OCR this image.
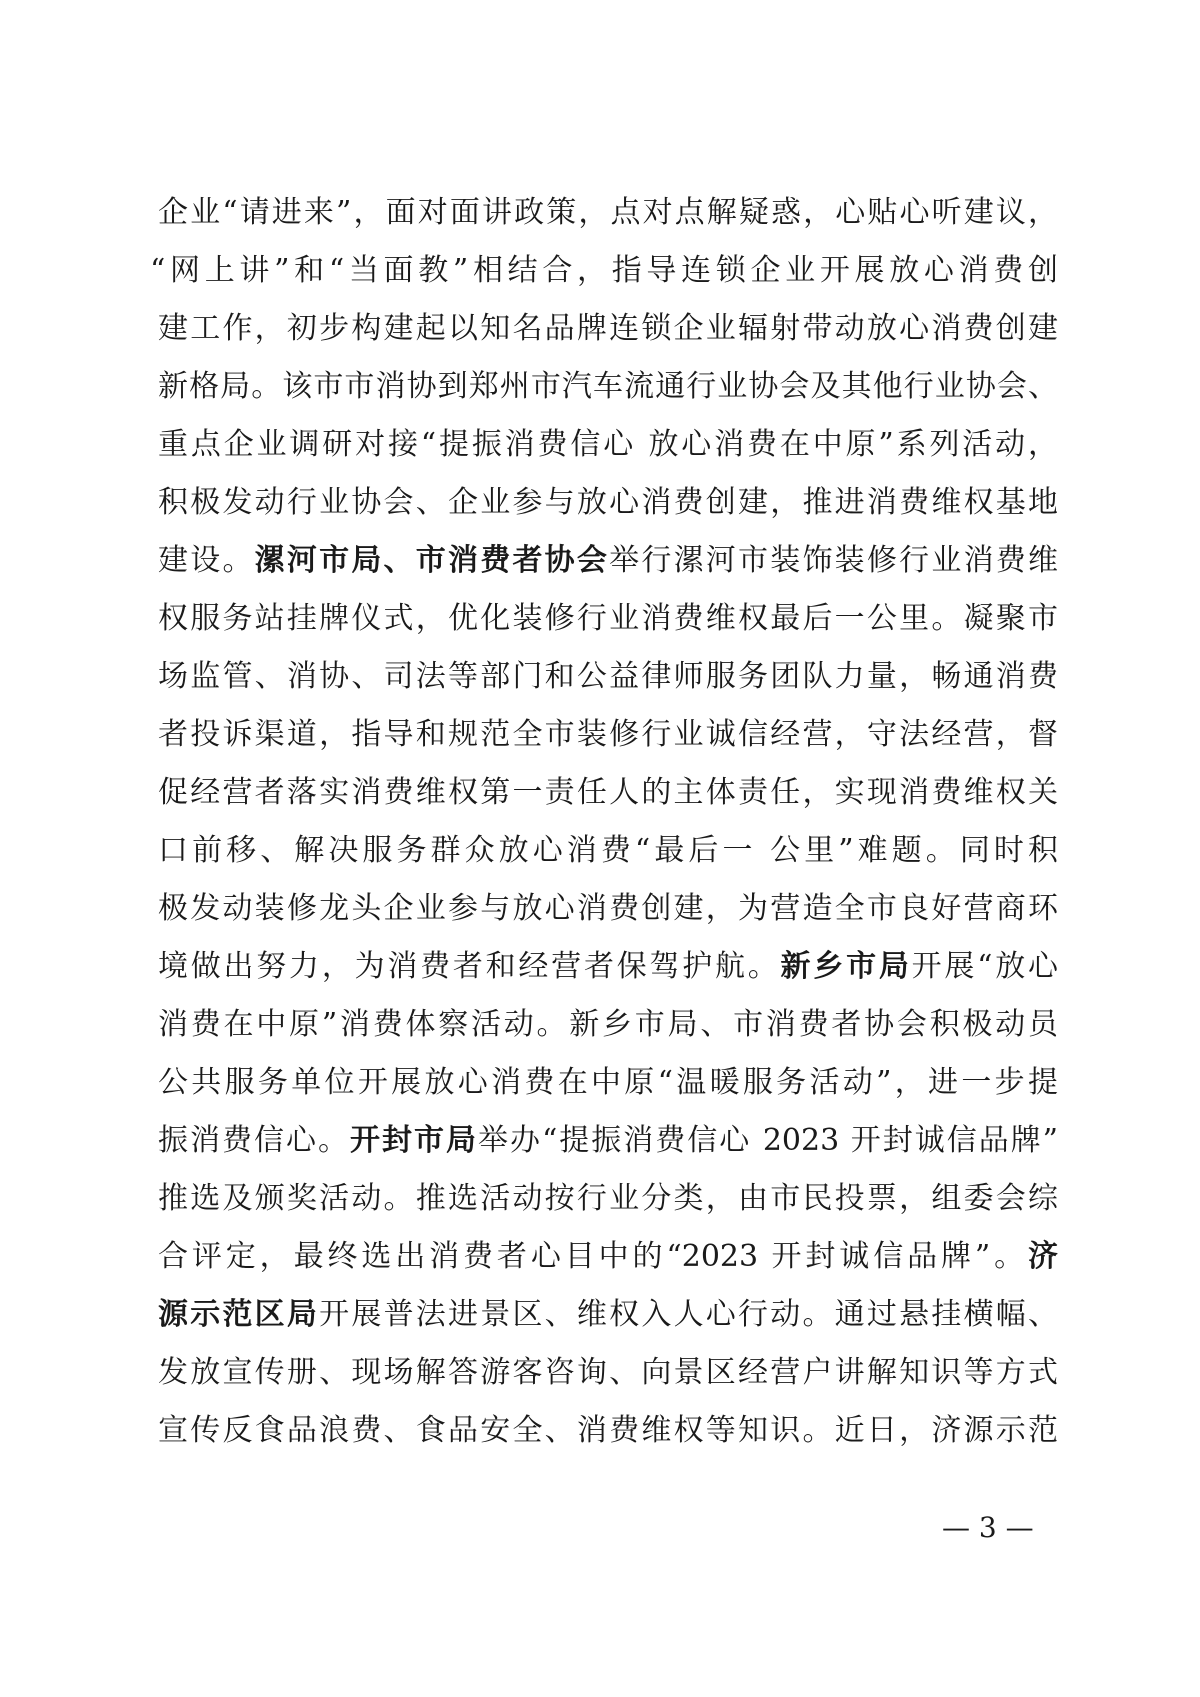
企业“请进来”，面对面讲政策，点对点解疑惑，心贴心听建议，
“网上讲”和“当面教”相结合，指导连锁企业开展放心消费创
建工作，初步构建起以知名品牌连锁企业辐射带动放心消费创建
新格局。该市市消协到郑州市汽车流通行业协会及其他行业协会、
重点企业调研对接“提振消费信心 放心消费在中原”系列活动，
积极发动行业协会、企业参与放心消费创建，推进消费维权基地
建设。漯河市局、市消费者协会举行漯河市装饰装修行业消费维
权服务站挂牌仪式，优化装修行业消费维权最后一公里。凝聚市
场监管、消协、司法等部门和公益律师服务团队力量，畅通消费
者投诉渠道，指导和规范全市装修行业诚信经营，守法经营，督
促经营者落实消费维权第一责任人的主体责任，实现消费维权关
口前移、解决服务群众放心消费“最后一 公里”难题。同时积
极发动装修龙头企业参与放心消费创建，为营造全市良好营商环
境做出努力，为消费者和经营者保驾护航。新乡市局开展“放心
消费在中原”消费体察活动。新乡市局、市消费者协会积极动员
公共服务单位开展放心消费在中原“温暖服务活动”，进一步提
振消费信心。开封市局举办“提振消费信心 2023 开封诚信品牌”
推选及颁奖活动。推选活动按行业分类，由市民投票，组委会综
合评定，最终选出消费者心目中的“2023 开封诚信品牌”。济
源示范区局开展普法进景区、维权入人心行动。通过悬挂横幅、
发放宣传册、现场解答游客咨询、向景区经营户讲解知识等方式
宣传反食品浪费、食品安全、消费维权等知识。近日，济源示范
— 3 —
